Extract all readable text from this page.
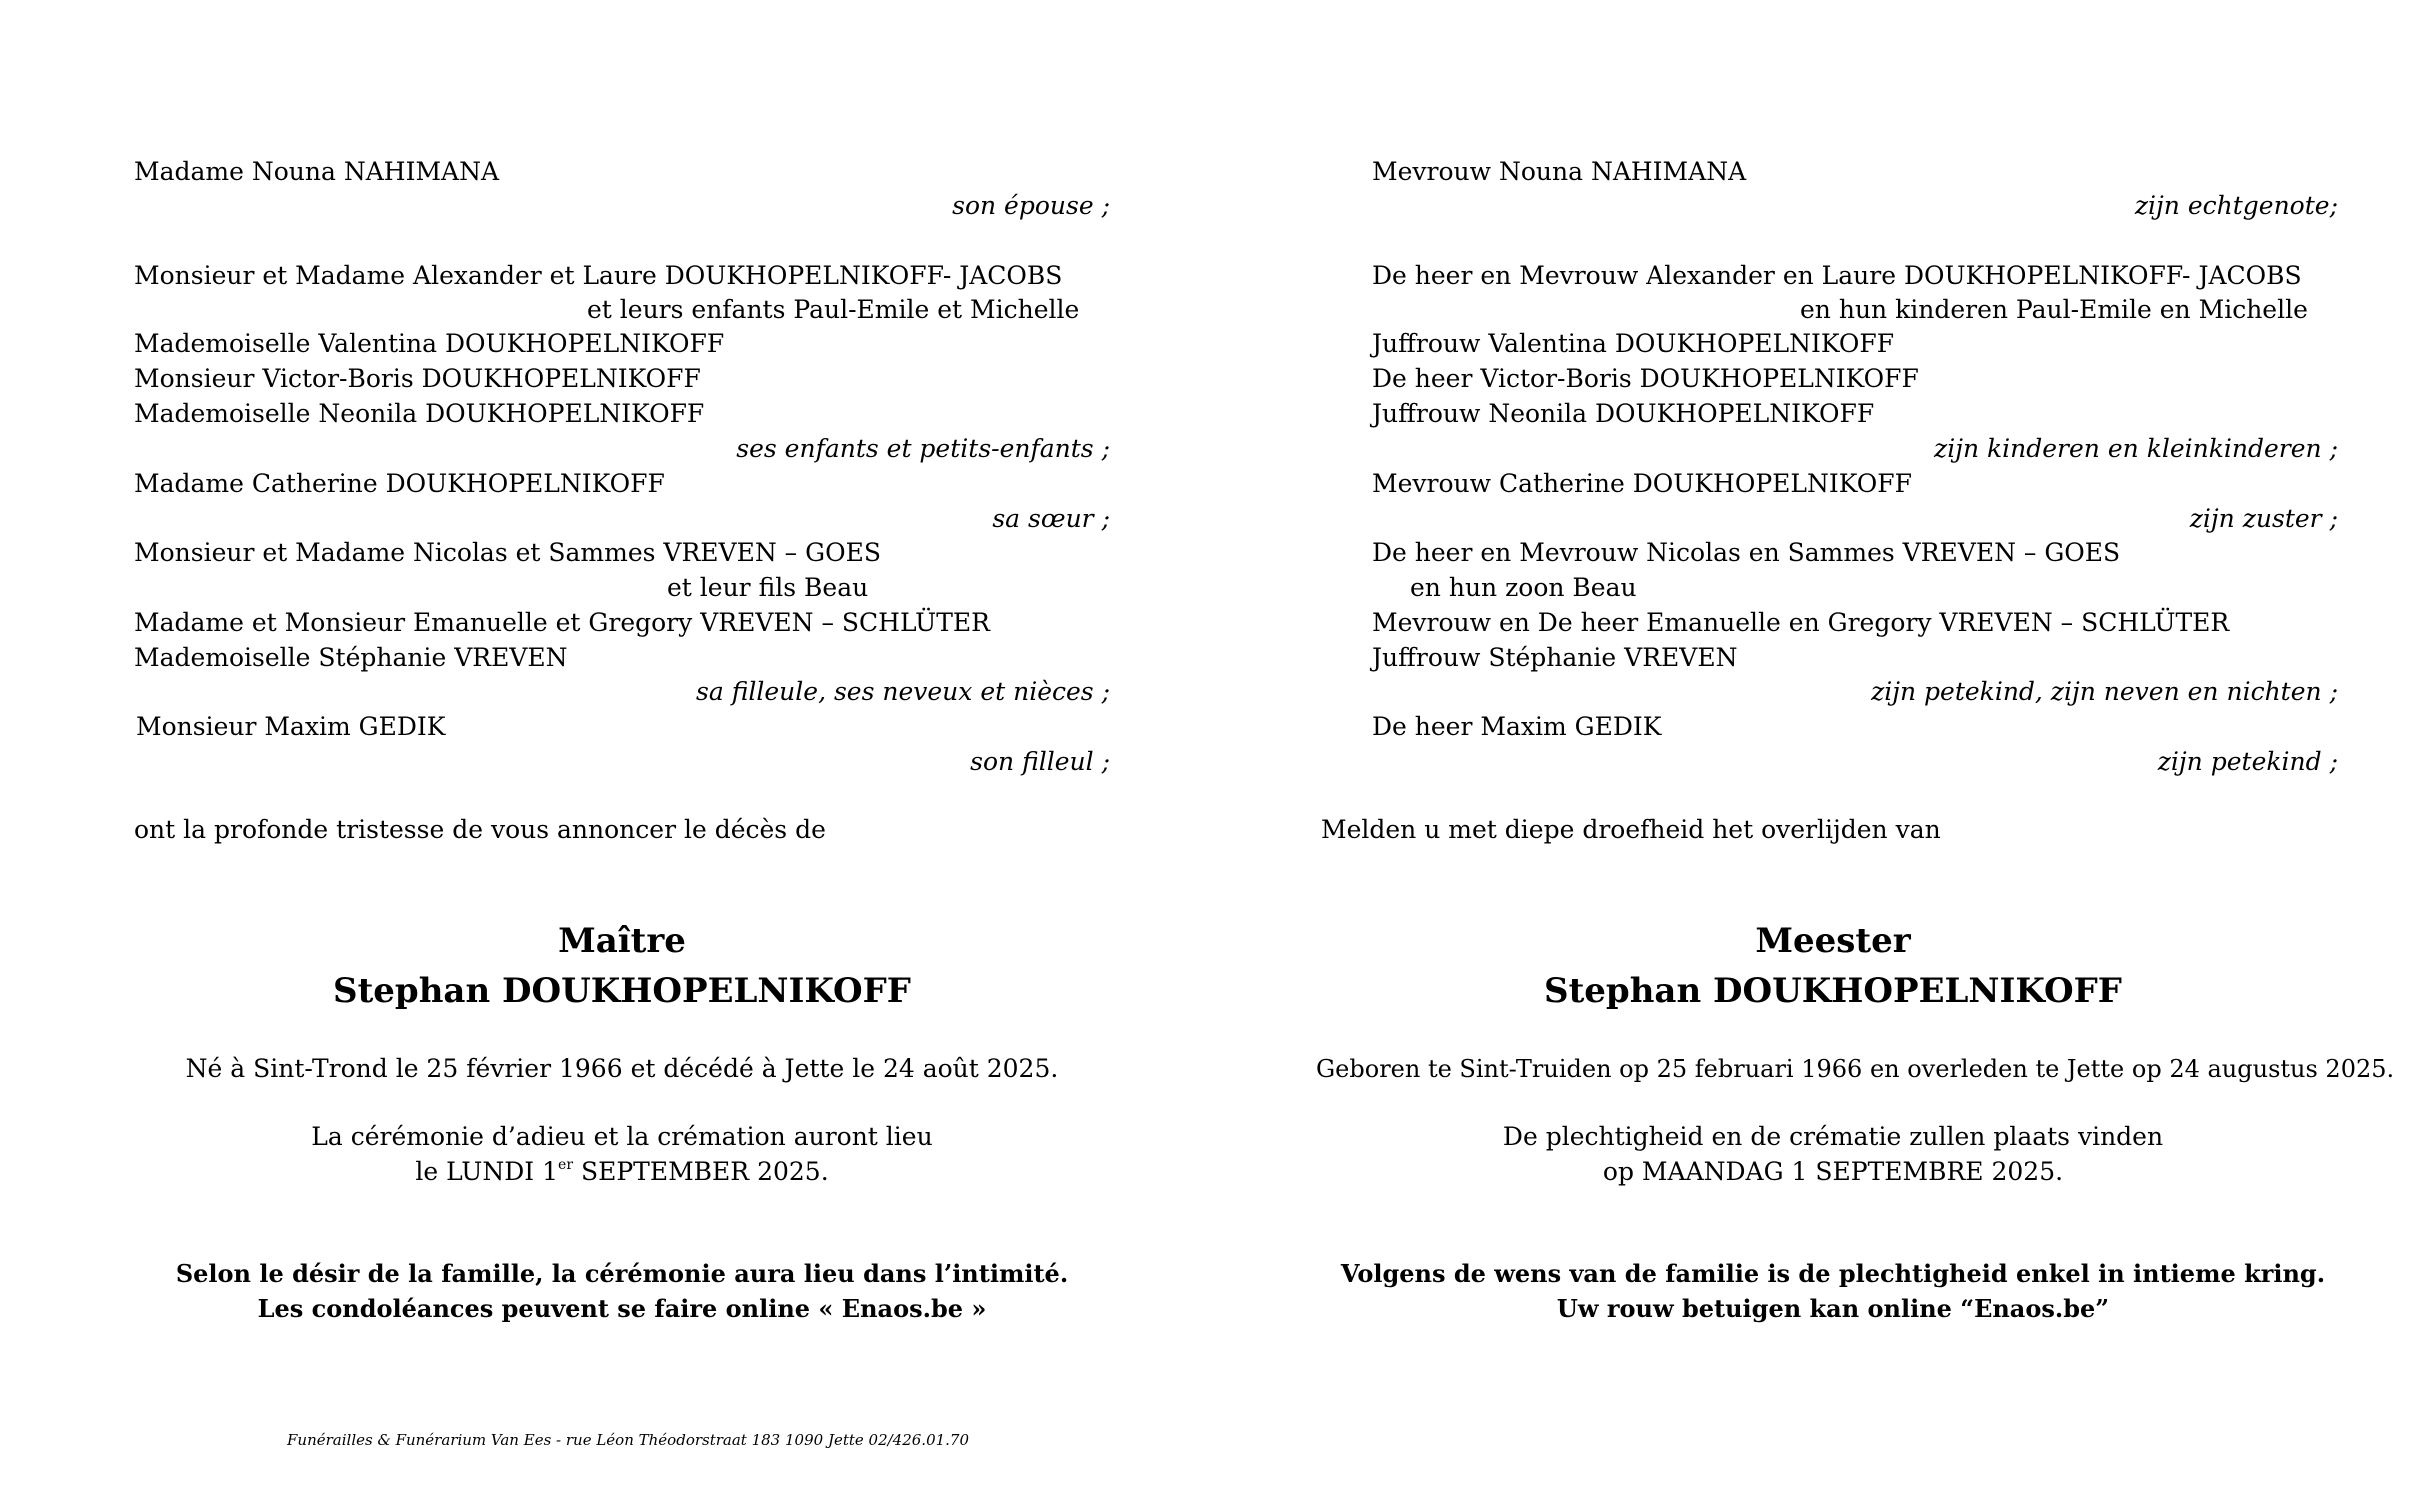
Madame Nouna NAHIMANA
son épouse ;
Monsieur et Madame Alexander et Laure DOUKHOPELNIKOFF- JACOBS
et leurs enfants Paul-Emile et Michelle
Mademoiselle Valentina DOUKHOPELNIKOFF
Monsieur Victor-Boris DOUKHOPELNIKOFF
Mademoiselle Neonila DOUKHOPELNIKOFF
ses enfants et petits-enfants ;
Madame Catherine DOUKHOPELNIKOFF
sa sœur ;
Monsieur et Madame Nicolas et Sammes VREVEN – GOES
et leur fils Beau
Madame et Monsieur Emanuelle et Gregory VREVEN – SCHLÜTER
Mademoiselle Stéphanie VREVEN
sa filleule, ses neveux et nièces ;
Monsieur Maxim GEDIK
son filleul ;
ont la profonde tristesse de vous annoncer le décès de
Maître
Stephan DOUKHOPELNIKOFF
Né à Sint-Trond le 25 février 1966 et décédé à Jette le 24 août 2025.
La cérémonie d’adieu et la crémation auront lieu
le LUNDI 1er SEPTEMBER 2025.
Selon le désir de la famille, la cérémonie aura lieu dans l’intimité.
Les condoléances peuvent se faire online « Enaos.be »
Funérailles & Funérarium Van Ees - rue Léon Théodorstraat 183 1090 Jette 02/426.01.70
Mevrouw Nouna NAHIMANA
zijn echtgenote;
De heer en Mevrouw Alexander en Laure DOUKHOPELNIKOFF- JACOBS
en hun kinderen Paul-Emile en Michelle
Juffrouw Valentina DOUKHOPELNIKOFF
De heer Victor-Boris DOUKHOPELNIKOFF
Juffrouw Neonila DOUKHOPELNIKOFF
zijn kinderen en kleinkinderen ;
Mevrouw Catherine DOUKHOPELNIKOFF
zijn zuster ;
De heer en Mevrouw Nicolas en Sammes VREVEN – GOES
en hun zoon Beau
Mevrouw en De heer Emanuelle en Gregory VREVEN – SCHLÜTER
Juffrouw Stéphanie VREVEN
zijn petekind, zijn neven en nichten ;
De heer Maxim GEDIK
zijn petekind ;
Melden u met diepe droefheid het overlijden van
Meester
Stephan DOUKHOPELNIKOFF
Geboren te Sint-Truiden op 25 februari 1966 en overleden te Jette op 24 augustus 2025.
De plechtigheid en de crématie zullen plaats vinden
op MAANDAG 1 SEPTEMBRE 2025.
Volgens de wens van de familie is de plechtigheid enkel in intieme kring.
Uw rouw betuigen kan online “Enaos.be”
